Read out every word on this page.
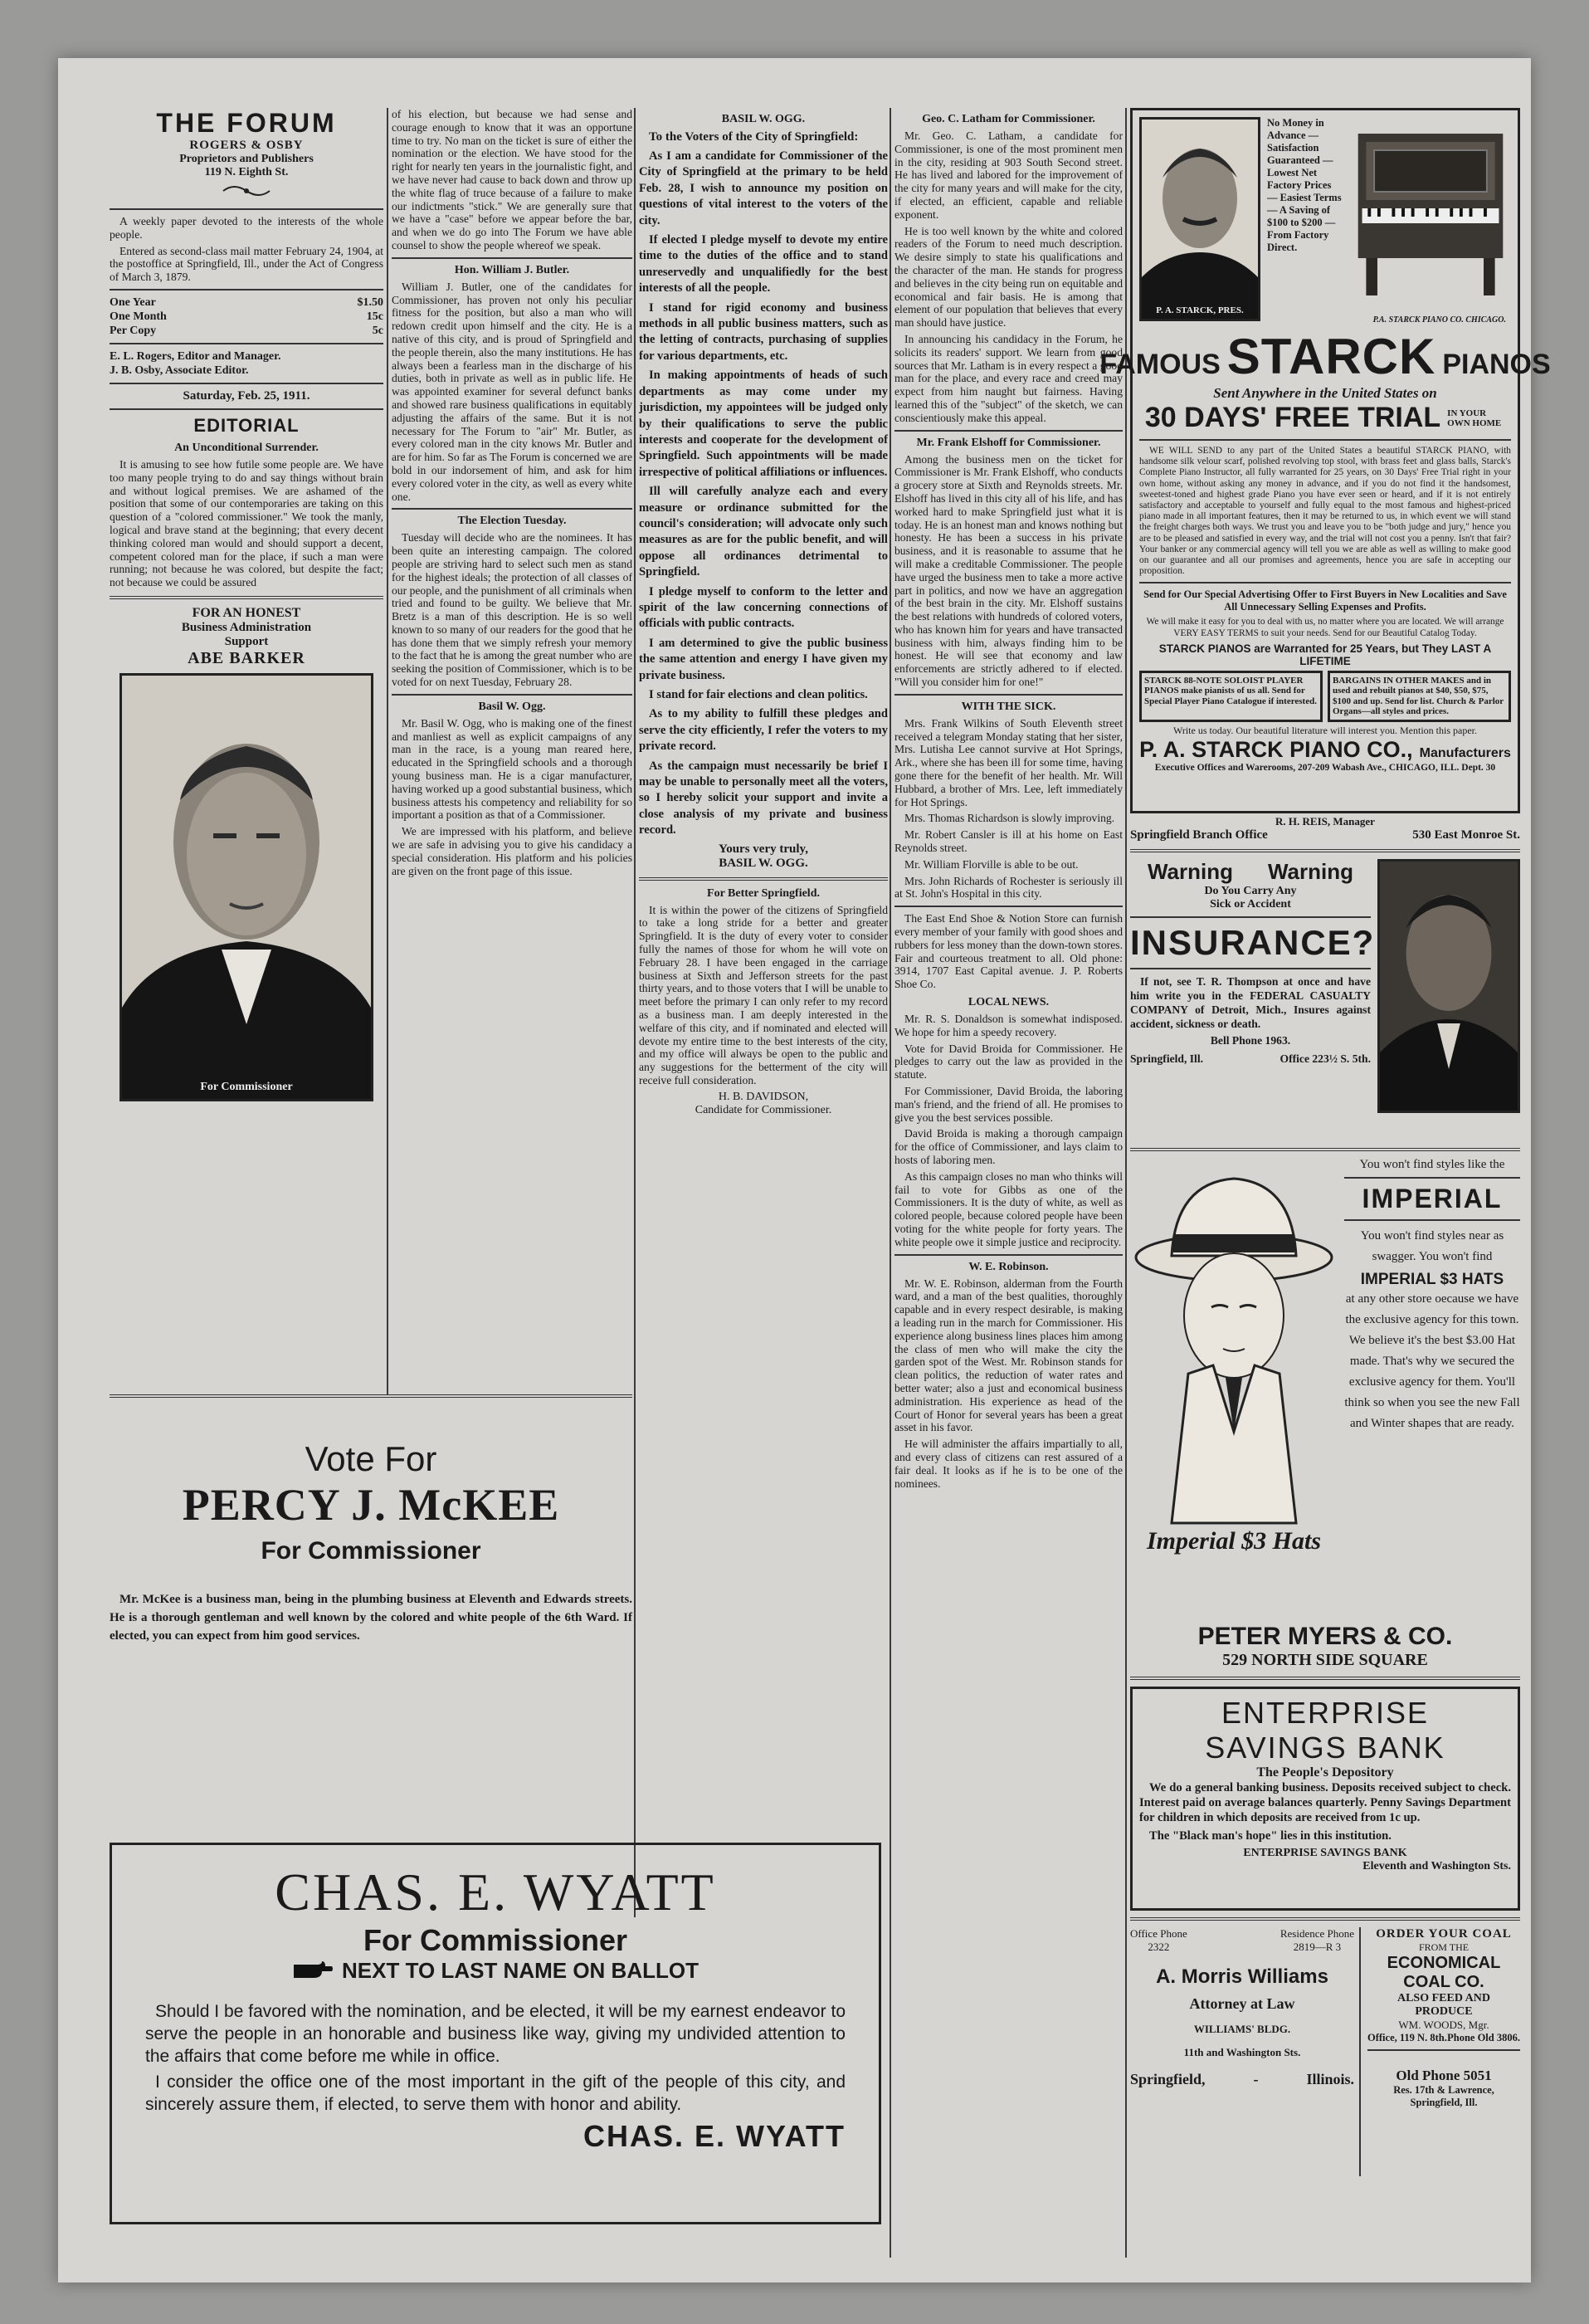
THE FORUM
ROGERS & OSBY
Proprietors and Publishers
119 N. Eighth St.

A weekly paper devoted to the interests of the whole people.

Entered as second-class mail matter February 24, 1904, at the postoffice at Springfield, Ill., under the Act of Congress of March 3, 1879.

One Year	$1.50
One Month	15c
Per Copy	5c
E. L. Rogers, Editor and Manager.
J. B. Osby, Associate Editor.
Saturday, Feb. 25, 1911.
EDITORIAL
An Unconditional Surrender.

It is amusing to see how futile some people are. We have too many people trying to do and say things without brain and without logical premises. We are ashamed of the position that some of our contemporaries are taking on this question of a "colored commissioner." We took the manly, logical and brave stand at the beginning; that every decent thinking colored man would and should support a decent, competent colored man for the place, if such a man were running; not because he was colored, but despite the fact; not because we could be assured

FOR AN HONEST
Business Administration
Support
ABE BARKER
For Commissioner

of his election, but because we had sense and courage enough to know that it was an opportune time to try. No man on the ticket is sure of either the nomination or the election. We have stood for the right for nearly ten years in the journalistic fight, and we have never had cause to back down and throw up the white flag of truce because of a failure to make our indictments "stick." We are generally sure that we have a "case" before we appear before the bar, and when we do go into The Forum we have able counsel to show the people whereof we speak.

Hon. William J. Butler.

William J. Butler, one of the candidates for Commissioner, has proven not only his peculiar fitness for the position, but also a man who will redown credit upon himself and the city. He is a native of this city, and is proud of Springfield and the people therein, also the many institutions. He has always been a fearless man in the discharge of his duties, both in private as well as in public life. He was appointed examiner for several defunct banks and showed rare business qualifications in equitably adjusting the affairs of the same. But it is not necessary for The Forum to "air" Mr. Butler, as every colored man in the city knows Mr. Butler and are for him. So far as The Forum is concerned we are bold in our indorsement of him, and ask for him every colored voter in the city, as well as every white one.

The Election Tuesday.

Tuesday will decide who are the nominees. It has been quite an interesting campaign. The colored people are striving hard to select such men as stand for the highest ideals; the protection of all classes of our people, and the punishment of all criminals when tried and found to be guilty. We believe that Mr. Bretz is a man of this description. He is so well known to so many of our readers for the good that he has done them that we simply refresh your memory to the fact that he is among the great number who are seeking the position of Commissioner, which is to be voted for on next Tuesday, February 28.

Basil W. Ogg.

Mr. Basil W. Ogg, who is making one of the finest and manliest as well as explicit campaigns of any man in the race, is a young man reared here, educated in the Springfield schools and a thorough young business man. He is a cigar manufacturer, having worked up a good substantial business, which business attests his competency and reliability for so important a position as that of a Commissioner.

We are impressed with his platform, and believe we are safe in advising you to give his candidacy a special consideration. His platform and his policies are given on the front page of this issue.

BASIL W. OGG.

To the Voters of the City of Springfield:

As I am a candidate for Commissioner of the City of Springfield at the primary to be held Feb. 28, I wish to announce my position on questions of vital interest to the voters of the city.

If elected I pledge myself to devote my entire time to the duties of the office and to stand unreservedly and unqualifiedly for the best interests of all the people.

I stand for rigid economy and business methods in all public business matters, such as the letting of contracts, purchasing of supplies for various departments, etc.

In making appointments of heads of such departments as may come under my jurisdiction, my appointees will be judged only by their qualifications to serve the public interests and cooperate for the development of Springfield. Such appointments will be made irrespective of political affiliations or influences.

Ill will carefully analyze each and every measure or ordinance submitted for the council's consideration; will advocate only such measures as are for the public benefit, and will oppose all ordinances detrimental to Springfield.

I pledge myself to conform to the letter and spirit of the law concerning connections of officials with public contracts.

I am determined to give the public business the same attention and energy I have given my private business.

I stand for fair elections and clean politics.

As to my ability to fulfill these pledges and serve the city efficiently, I refer the voters to my private record.

As the campaign must necessarily be brief I may be unable to personally meet all the voters, so I hereby solicit your support and invite a close analysis of my private and business record.

Yours very truly,
BASIL W. OGG.
For Better Springfield.

It is within the power of the citizens of Springfield to take a long stride for a better and greater Springfield. It is the duty of every voter to consider fully the names of those for whom he will vote on February 28. I have been engaged in the carriage business at Sixth and Jefferson streets for the past thirty years, and to those voters that I will be unable to meet before the primary I can only refer to my record as a business man. I am deeply interested in the welfare of this city, and if nominated and elected will devote my entire time to the best interests of the city, and my office will always be open to the public and any suggestions for the betterment of the city will receive full consideration.

H. B. DAVIDSON,
Candidate for Commissioner.
Geo. C. Latham for Commissioner.

Mr. Geo. C. Latham, a candidate for Commissioner, is one of the most prominent men in the city, residing at 903 South Second street. He has lived and labored for the improvement of the city for many years and will make for the city, if elected, an efficient, capable and reliable exponent.

He is too well known by the white and colored readers of the Forum to need much description. We desire simply to state his qualifications and the character of the man. He stands for progress and believes in the city being run on equitable and economical and fair basis. He is among that element of our population that believes that every man should have justice.

In announcing his candidacy in the Forum, he solicits its readers' support. We learn from good sources that Mr. Latham is in every respect a good man for the place, and every race and creed may expect from him naught but fairness. Having learned this of the "subject" of the sketch, we can conscientiously make this appeal.

Mr. Frank Elshoff for Commissioner.

Among the business men on the ticket for Commissioner is Mr. Frank Elshoff, who conducts a grocery store at Sixth and Reynolds streets. Mr. Elshoff has lived in this city all of his life, and has worked hard to make Springfield just what it is today. He is an honest man and knows nothing but honesty. He has been a success in his private business, and it is reasonable to assume that he will make a creditable Commissioner. The people have urged the business men to take a more active part in politics, and now we have an aggregation of the best brain in the city. Mr. Elshoff sustains the best relations with hundreds of colored voters, who has known him for years and have transacted business with him, always finding him to be honest. He will see that economy and law enforcements are strictly adhered to if elected. "Will you consider him for one!"

WITH THE SICK.

Mrs. Frank Wilkins of South Eleventh street received a telegram Monday stating that her sister, Mrs. Lutisha Lee cannot survive at Hot Springs, Ark., where she has been ill for some time, having gone there for the benefit of her health. Mr. Will Hubbard, a brother of Mrs. Lee, left immediately for Hot Springs.

Mrs. Thomas Richardson is slowly improving.

Mr. Robert Cansler is ill at his home on East Reynolds street.

Mr. William Florville is able to be out.

Mrs. John Richards of Rochester is seriously ill at St. John's Hospital in this city.

The East End Shoe & Notion Store can furnish every member of your family with good shoes and rubbers for less money than the down-town stores. Fair and courteous treatment to all. Old phone: 3914, 1707 East Capital avenue. J. P. Roberts Shoe Co.

LOCAL NEWS.

Mr. R. S. Donaldson is somewhat indisposed. We hope for him a speedy recovery.

Vote for David Broida for Commissioner. He pledges to carry out the law as provided in the statute.

For Commissioner, David Broida, the laboring man's friend, and the friend of all. He promises to give you the best services possible.

David Broida is making a thorough campaign for the office of Commissioner, and lays claim to hosts of laboring men.

As this campaign closes no man who thinks will fail to vote for Gibbs as one of the Commissioners. It is the duty of white, as well as colored people, because colored people have been voting for the white people for forty years. The white people owe it simple justice and reciprocity.

W. E. Robinson.

Mr. W. E. Robinson, alderman from the Fourth ward, and a man of the best qualities, thoroughly capable and in every respect desirable, is making a leading run in the march for Commissioner. His experience along business lines places him among the class of men who will make the city the garden spot of the West. Mr. Robinson stands for clean politics, the reduction of water rates and better water; also a just and economical business administration. His experience as head of the Court of Honor for several years has been a great asset in his favor.

He will administer the affairs impartially to all, and every class of citizens can rest assured of a fair deal. It looks as if he is to be one of the nominees.

P. A. STARCK, PRES.
No Money in Advance — Satisfaction Guaranteed — Lowest Net Factory Prices — Easiest Terms — A Saving of $100 to $200 — From Factory Direct.
P.A. STARCK PIANO CO. CHICAGO.
FAMOUS STARCK PIANOS
Sent Anywhere in the United States on
30 DAYS' FREE TRIAL IN YOUR OWN HOME

WE WILL SEND to any part of the United States a beautiful STARCK PIANO, with handsome silk velour scarf, polished revolving top stool, with brass feet and glass balls, Starck's Complete Piano Instructor, all fully warranted for 25 years, on 30 Days' Free Trial right in your own home, without asking any money in advance, and if you do not find it the handsomest, sweetest-toned and highest grade Piano you have ever seen or heard, and if it is not entirely satisfactory and acceptable to yourself and fully equal to the most famous and highest-priced piano made in all important features, then it may be returned to us, in which event we will stand the freight charges both ways. We trust you and leave you to be "both judge and jury," hence you are to be pleased and satisfied in every way, and the trial will not cost you a penny. Isn't that fair? Your banker or any commercial agency will tell you we are able as well as willing to make good on our guarantee and all our promises and agreements, hence you are safe in accepting our proposition.

Send for Our Special Advertising Offer to First Buyers in New Localities and Save All Unnecessary Selling Expenses and Profits.

We will make it easy for you to deal with us, no matter where you are located. We will arrange VERY EASY TERMS to suit your needs. Send for our Beautiful Catalog Today.

STARCK PIANOS are Warranted for 25 Years, but They LAST A LIFETIME
STARCK 88-NOTE SOLOIST PLAYER PIANOS make pianists of us all. Send for Special Player Piano Catalogue if interested.
BARGAINS IN OTHER MAKES and in used and rebuilt pianos at $40, $50, $75, $100 and up. Send for list. Church & Parlor Organs—all styles and prices.
Write us today. Our beautiful literature will interest you. Mention this paper.
P. A. STARCK PIANO CO., Manufacturers
Executive Offices and Warerooms, 207-209 Wabash Ave., CHICAGO, ILL. Dept. 30
R. H. REIS, Manager
Springfield Branch Office	530 East Monroe St.
Warning Warning
Do You Carry Any
Sick or Accident
INSURANCE?

If not, see T. R. Thompson at once and have him write you in the FEDERAL CASUALTY COMPANY of Detroit, Mich., Insures against accident, sickness or death.

Bell Phone 1963.
Springfield, Ill.	Office 223½ S. 5th.
Imperial $3 Hats
You won't find styles like the
IMPERIAL

You won't find styles near as swagger. You won't find

IMPERIAL $3 HATS

at any other store oecause we have the exclusive agency for this town. We believe it's the best $3.00 Hat made. That's why we secured the exclusive agency for them. You'll think so when you see the new Fall and Winter shapes that are ready.

PETER MYERS & CO.
529 NORTH SIDE SQUARE
ENTERPRISE
SAVINGS BANK
The People's Depository

We do a general banking business. Deposits received subject to check. Interest paid on average balances quarterly. Penny Savings Department for children in which deposits are received from 1c up.

The "Black man's hope" lies in this institution.

ENTERPRISE SAVINGS BANK
Eleventh and Washington Sts.
Office Phone
2322
Residence Phone
2819—R 3
A. Morris Williams
Attorney at Law
WILLIAMS' BLDG.
11th and Washington Sts.
Springfield,	-	Illinois.
ORDER YOUR COAL
FROM THE
ECONOMICAL COAL CO.
ALSO FEED AND PRODUCE
WM. WOODS, Mgr.
Office, 119 N. 8th. Phone Old 3806.
Old Phone 5051
Res. 17th & Lawrence, Springfield, Ill.
Vote For
PERCY J. McKEE
For Commissioner

Mr. McKee is a business man, being in the plumbing business at Eleventh and Edwards streets. He is a thorough gentleman and well known by the colored and white people of the 6th Ward. If elected, you can expect from him good services.

CHAS. E. WYATT
For Commissioner
NEXT TO LAST NAME ON BALLOT

Should I be favored with the nomination, and be elected, it will be my earnest endeavor to serve the people in an honorable and business like way, giving my undivided attention to the affairs that come before me while in office.

I consider the office one of the most important in the gift of the people of this city, and sincerely assure them, if elected, to serve them with honor and ability.

CHAS. E. WYATT
